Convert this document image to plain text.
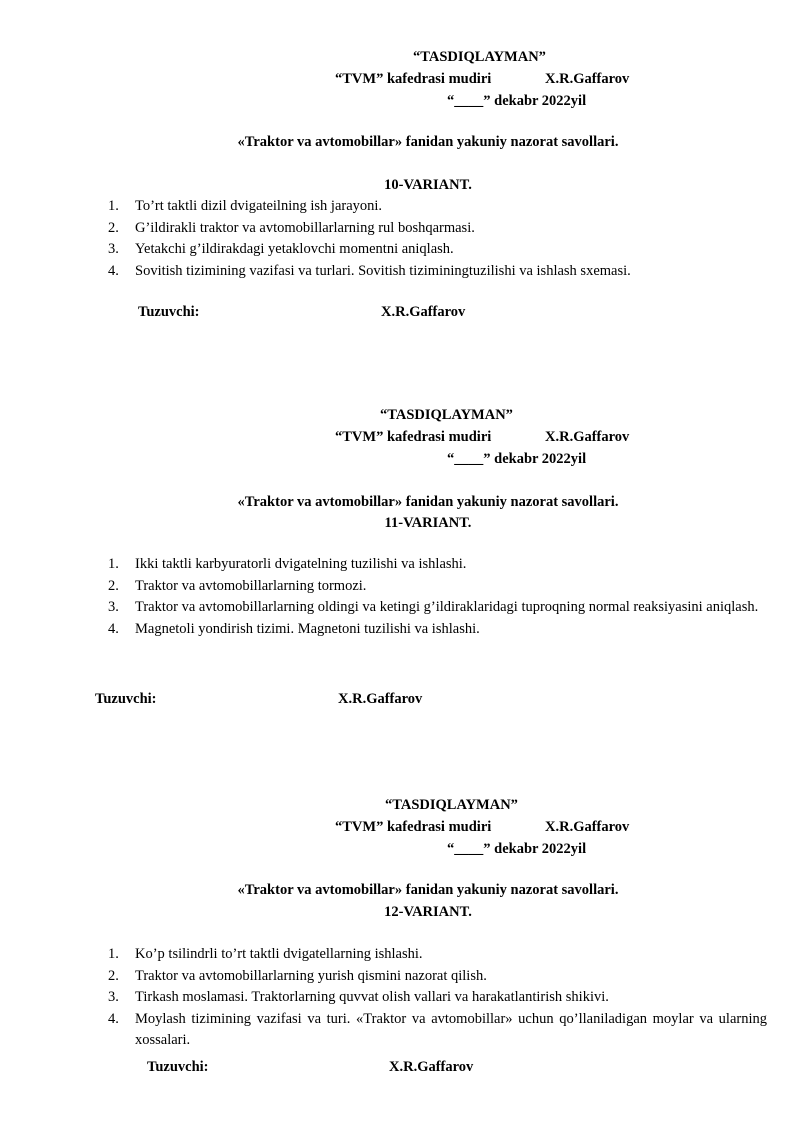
“TASDIQLAYMAN”
“TVM” kafedrasi mudiri	X.R.Gaffarov
“____” dekabr 2022yil
«Traktor va avtomobillar» fanidan yakuniy nazorat savollari.
10-VARIANT.
1. To’rt taktli dizil dvigateilning ish jarayoni.
2. G’ildirakli traktor va avtomobillarlarning rul boshqarmasi.
3. Yetakchi g’ildirakdagi yetaklovchi momentni aniqlash.
4. Sovitish tizimining vazifasi va turlari. Sovitish tiziminingtuzilishi va ishlash sxemasi.
Tuzuvchi:	X.R.Gaffarov
“TASDIQLAYMAN”
“TVM” kafedrasi mudiri	X.R.Gaffarov
“____” dekabr 2022yil
«Traktor va avtomobillar» fanidan yakuniy nazorat savollari.
11-VARIANT.
1. Ikki taktli karbyuratorli dvigatelning tuzilishi va ishlashi.
2. Traktor va avtomobillarlarning tormozi.
3. Traktor va avtomobillarlarning oldingi va ketingi g’ildiraklaridagi tuproqning normal reaksiyasini aniqlash.
4. Magnetoli yondirish tizimi. Magnetoni tuzilishi va ishlashi.
Tuzuvchi:	X.R.Gaffarov
“TASDIQLAYMAN”
“TVM” kafedrasi mudiri	X.R.Gaffarov
“____” dekabr 2022yil
«Traktor va avtomobillar» fanidan yakuniy nazorat savollari.
12-VARIANT.
1. Ko’p tsilindrli to’rt taktli dvigatellarning ishlashi.
2. Traktor va avtomobillarlarning yurish qismini nazorat qilish.
3. Tirkash moslamasi. Traktorlarning quvvat olish vallari va harakatlantirish shikivi.
4. Moylash tizimining vazifasi va turi. «Traktor va avtomobillar» uchun qo’llaniladigan moylar va ularning xossalari.
Tuzuvchi:	X.R.Gaffarov
